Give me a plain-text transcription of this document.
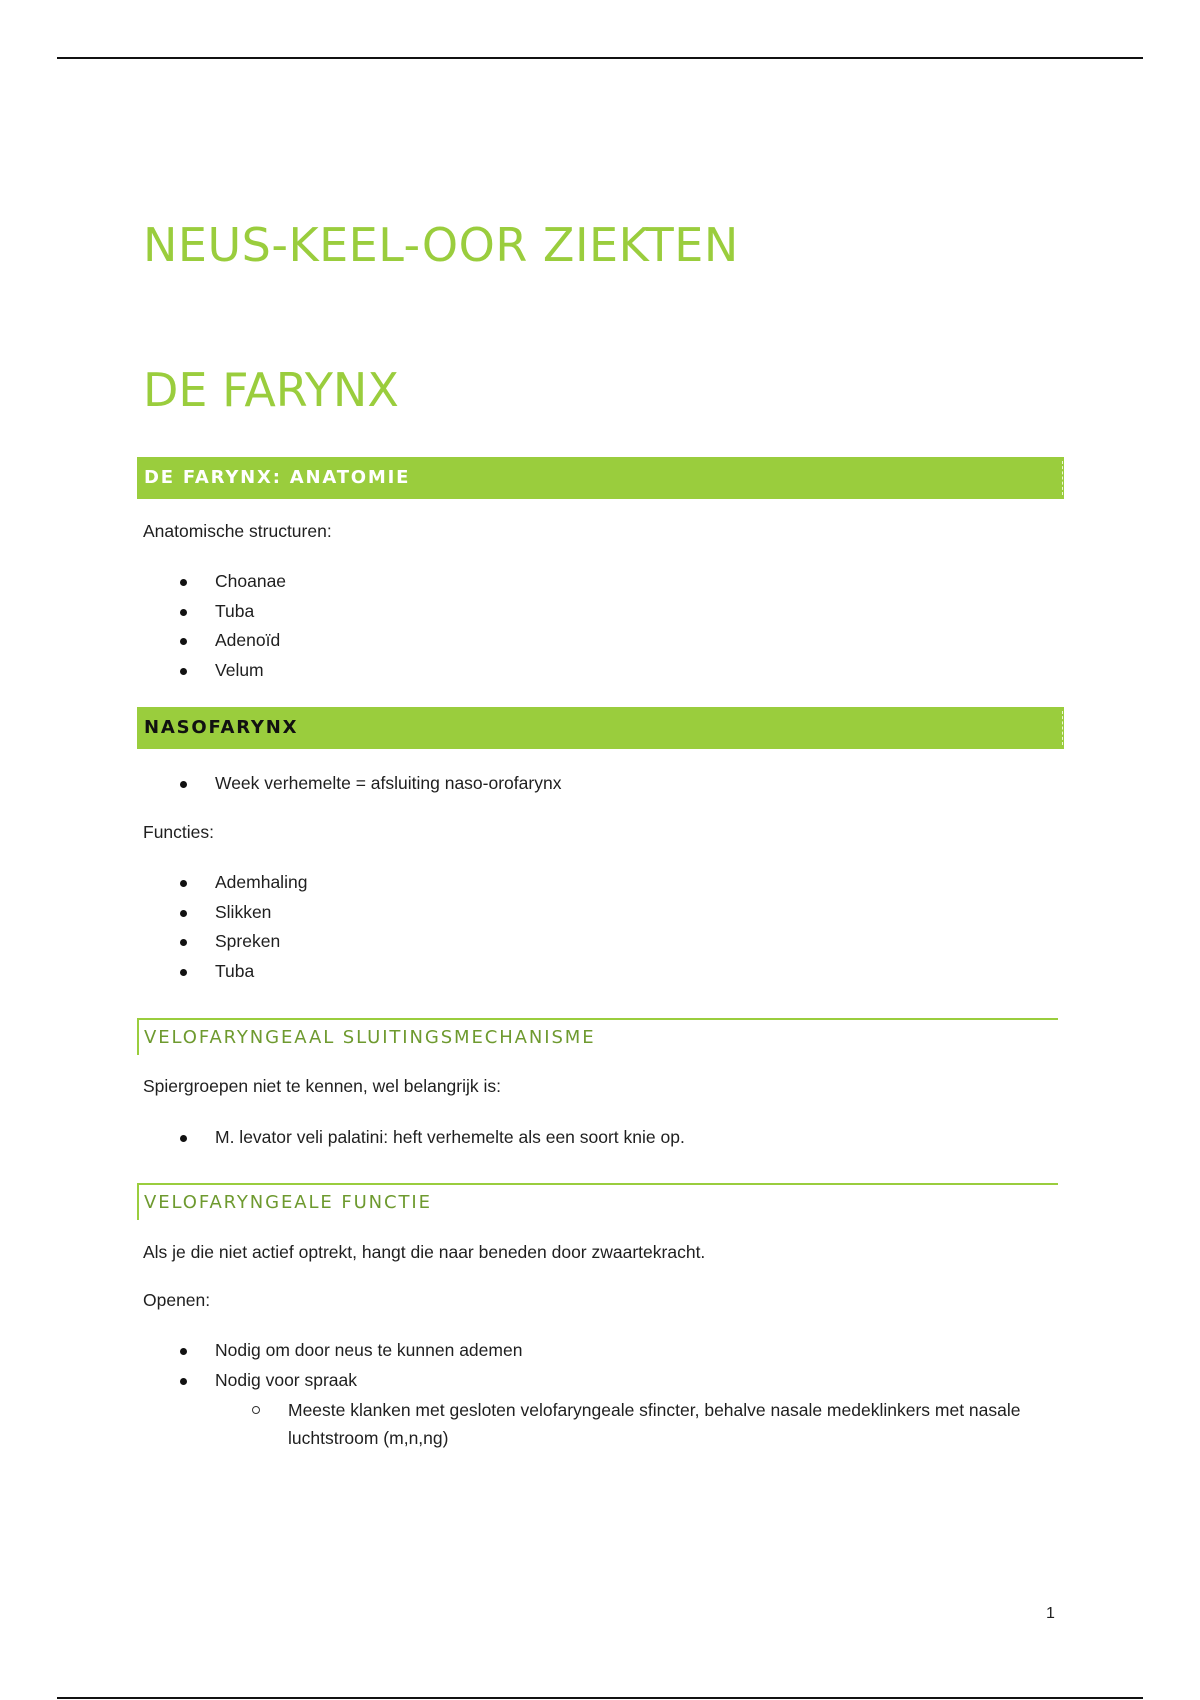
NEUS-KEEL-OOR ZIEKTEN
DE FARYNX
DE FARYNX: ANATOMIE

Anatomische structuren:

Choanae
Tuba
Adenoïd
Velum
NASOFARYNX
Week verhemelte = afsluiting naso-orofarynx

Functies:

Ademhaling
Slikken
Spreken
Tuba
VELOFARYNGEAAL SLUITINGSMECHANISME

Spiergroepen niet te kennen, wel belangrijk is:

M. levator veli palatini: heft verhemelte als een soort knie op.
VELOFARYNGEALE FUNCTIE

Als je die niet actief optrekt, hangt die naar beneden door zwaartekracht.

Openen:

Nodig om door neus te kunnen ademen
Nodig voor spraak

Meeste klanken met gesloten velofaryngeale sfincter, behalve nasale medeklinkers met nasale luchtstroom (m,n,ng)

1
